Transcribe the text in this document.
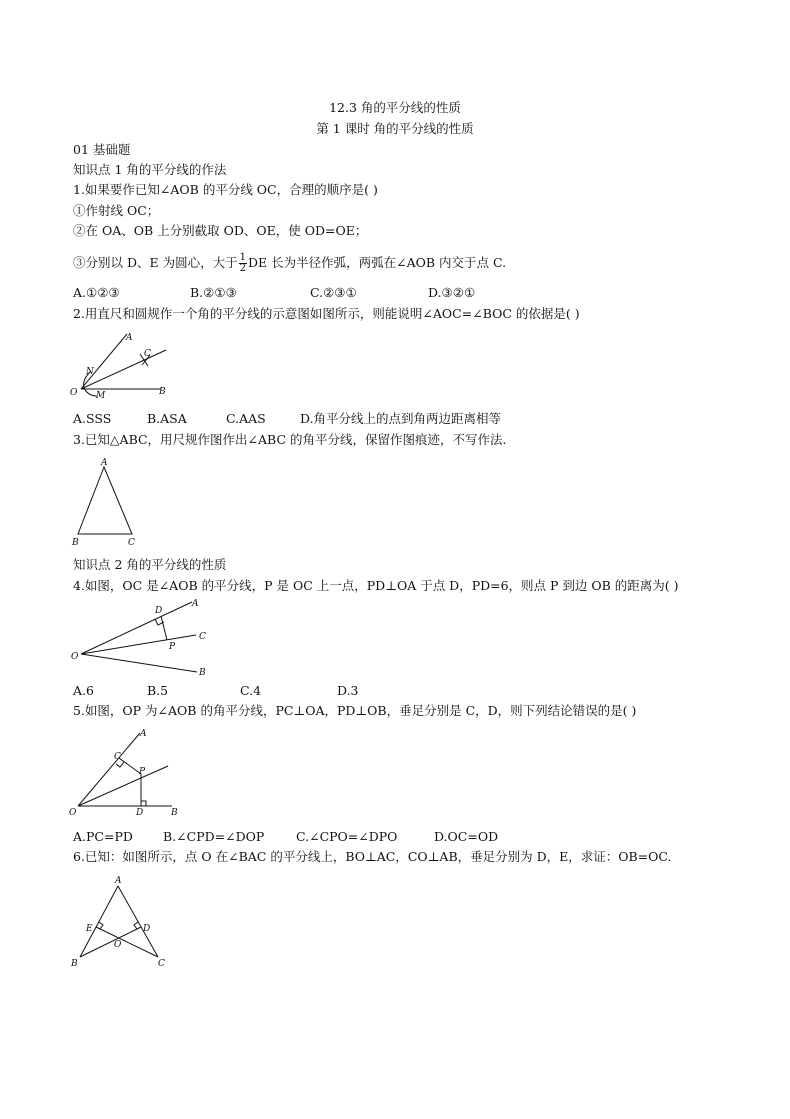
12.3 角的平分线的性质
第 1 课时 角的平分线的性质
01 基础题
知识点 1 角的平分线的作法
1.如果要作已知∠AOB 的平分线 OC，合理的顺序是( )
①作射线 OC；
②在 OA、OB 上分别截取 OD、OE，使 OD=OE；
③分别以 D、E 为圆心，大于 $\frac{1}{2}$ DE 长为半径作弧，两弧在∠AOB 内交于点 C.
A.①②③	B.②①③	C.②③①	D.③②①
2.用直尺和圆规作一个角的平分线的示意图如图所示，则能说明∠AOC=∠BOC 的依据是( )
A
C
N
O M	B
A.SSS	B.ASA	C.AAS	D.角平分线上的点到角两边距离相等
3.已知△ABC，用尺规作图作出∠ABC 的角平分线，保留作图痕迹，不写作法.
A
B	C
知识点 2 角的平分线的性质
4.如图，OC 是∠AOB 的平分线，P 是 OC 上一点，PD⊥OA 于点 D，PD=6，则点 P 到边 OB 的距离为( )
D
A
C
O
P
B
A.6	B.5	C.4	D.3
5.如图，OP 为∠AOB 的角平分线，PC⊥OA，PD⊥OB，垂足分别是 C，D，则下列结论错误的是( )
A
C
P
O	D	B
A.PC=PD B.∠CPD=∠DOP	C.∠CPO=∠DPO	D.OC=OD
6.已知：如图所示，点 O 在∠BAC 的平分线上，BO⊥AC，CO⊥AB，垂足分别为 D，E，求证：OB=OC.
A
E	D
O
B	C
